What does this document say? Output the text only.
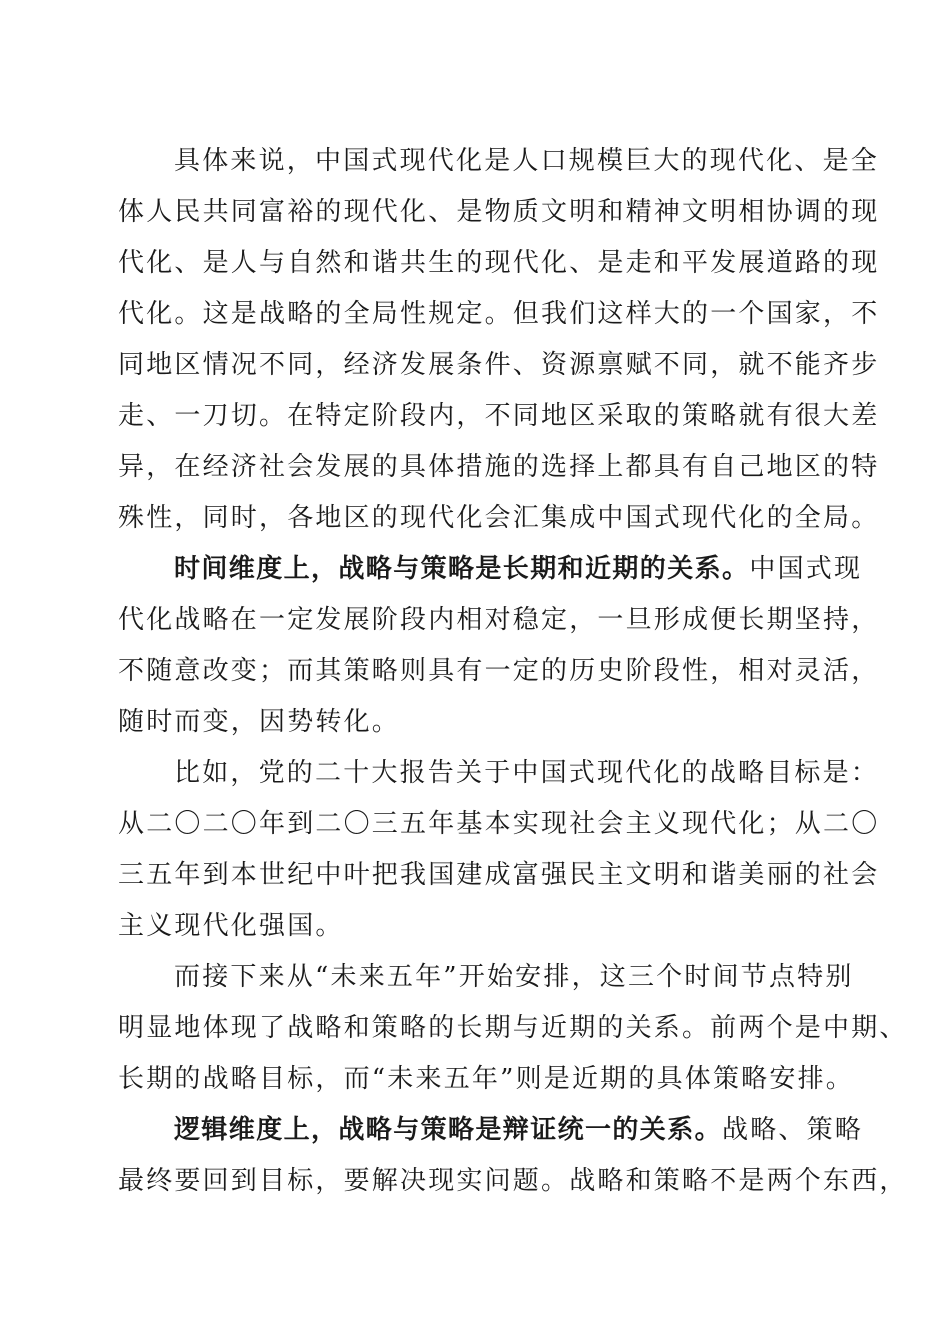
具体来说，中国式现代化是人口规模巨大的现代化、是全
体人民共同富裕的现代化、是物质文明和精神文明相协调的现
代化、是人与自然和谐共生的现代化、是走和平发展道路的现
代化。这是战略的全局性规定。但我们这样大的一个国家，不
同地区情况不同，经济发展条件、资源禀赋不同，就不能齐步
走、一刀切。在特定阶段内，不同地区采取的策略就有很大差
异，在经济社会发展的具体措施的选择上都具有自己地区的特
殊性，同时，各地区的现代化会汇集成中国式现代化的全局。
时间维度上，战略与策略是长期和近期的关系。中国式现
代化战略在一定发展阶段内相对稳定，一旦形成便长期坚持，
不随意改变；而其策略则具有一定的历史阶段性，相对灵活，
随时而变，因势转化。
比如，党的二十大报告关于中国式现代化的战略目标是：
从二〇二〇年到二〇三五年基本实现社会主义现代化；从二〇
三五年到本世纪中叶把我国建成富强民主文明和谐美丽的社会
主义现代化强国。
而接下来从“未来五年”开始安排，这三个时间节点特别
明显地体现了战略和策略的长期与近期的关系。前两个是中期、
长期的战略目标，而“未来五年”则是近期的具体策略安排。
逻辑维度上，战略与策略是辩证统一的关系。战略、策略
最终要回到目标，要解决现实问题。战略和策略不是两个东西，
